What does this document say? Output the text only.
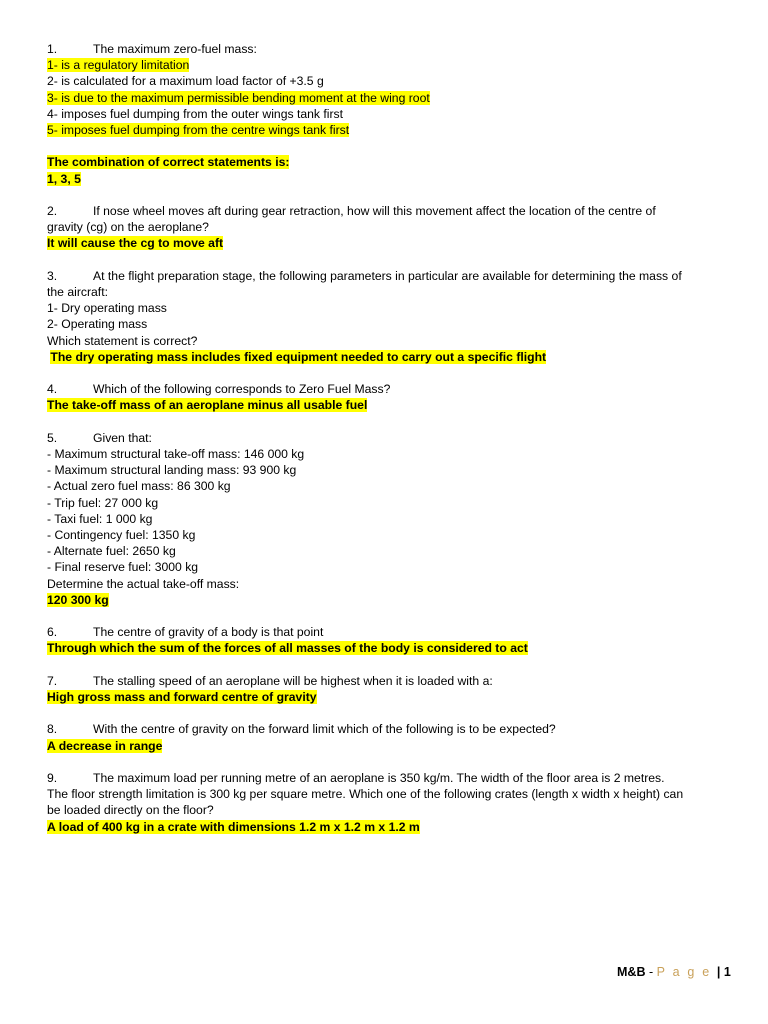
1.	The maximum zero-fuel mass:
1- is a regulatory limitation
2- is calculated for a maximum load factor of +3.5 g
3- is due to the maximum permissible bending moment at the wing root
4- imposes fuel dumping from the outer wings tank first
5- imposes fuel dumping from the centre wings tank first
The combination of correct statements is:
1, 3, 5
2.	If nose wheel moves aft during gear retraction, how will this movement affect the location of the centre of
gravity (cg) on the aeroplane?
It will cause the cg to move aft
3.	At the flight preparation stage, the following parameters in particular are available for determining the mass of
the aircraft:
1- Dry operating mass
2- Operating mass
Which statement is correct?
The dry operating mass includes fixed equipment needed to carry out a specific flight
4.	Which of the following corresponds to Zero Fuel Mass?
The take-off mass of an aeroplane minus all usable fuel
5.	Given that:
- Maximum structural take-off mass: 146 000 kg
- Maximum structural landing mass: 93 900 kg
- Actual zero fuel mass: 86 300 kg
- Trip fuel: 27 000 kg
- Taxi fuel: 1 000 kg
- Contingency fuel: 1350 kg
- Alternate fuel: 2650 kg
- Final reserve fuel: 3000 kg
Determine the actual take-off mass:
120 300 kg
6.	The centre of gravity of a body is that point
Through which the sum of the forces of all masses of the body is considered to act
7.	The stalling speed of an aeroplane will be highest when it is loaded with a:
High gross mass and forward centre of gravity
8.	With the centre of gravity on the forward limit which of the following is to be expected?
A decrease in range
9.	The maximum load per running metre of an aeroplane is 350 kg/m. The width of the floor area is 2 metres.
The floor strength limitation is 300 kg per square metre. Which one of the following crates (length x width x height) can
be loaded directly on the floor?
A load of 400 kg in a crate with dimensions 1.2 m x 1.2 m x 1.2 m
M&B - P a g e | 1
